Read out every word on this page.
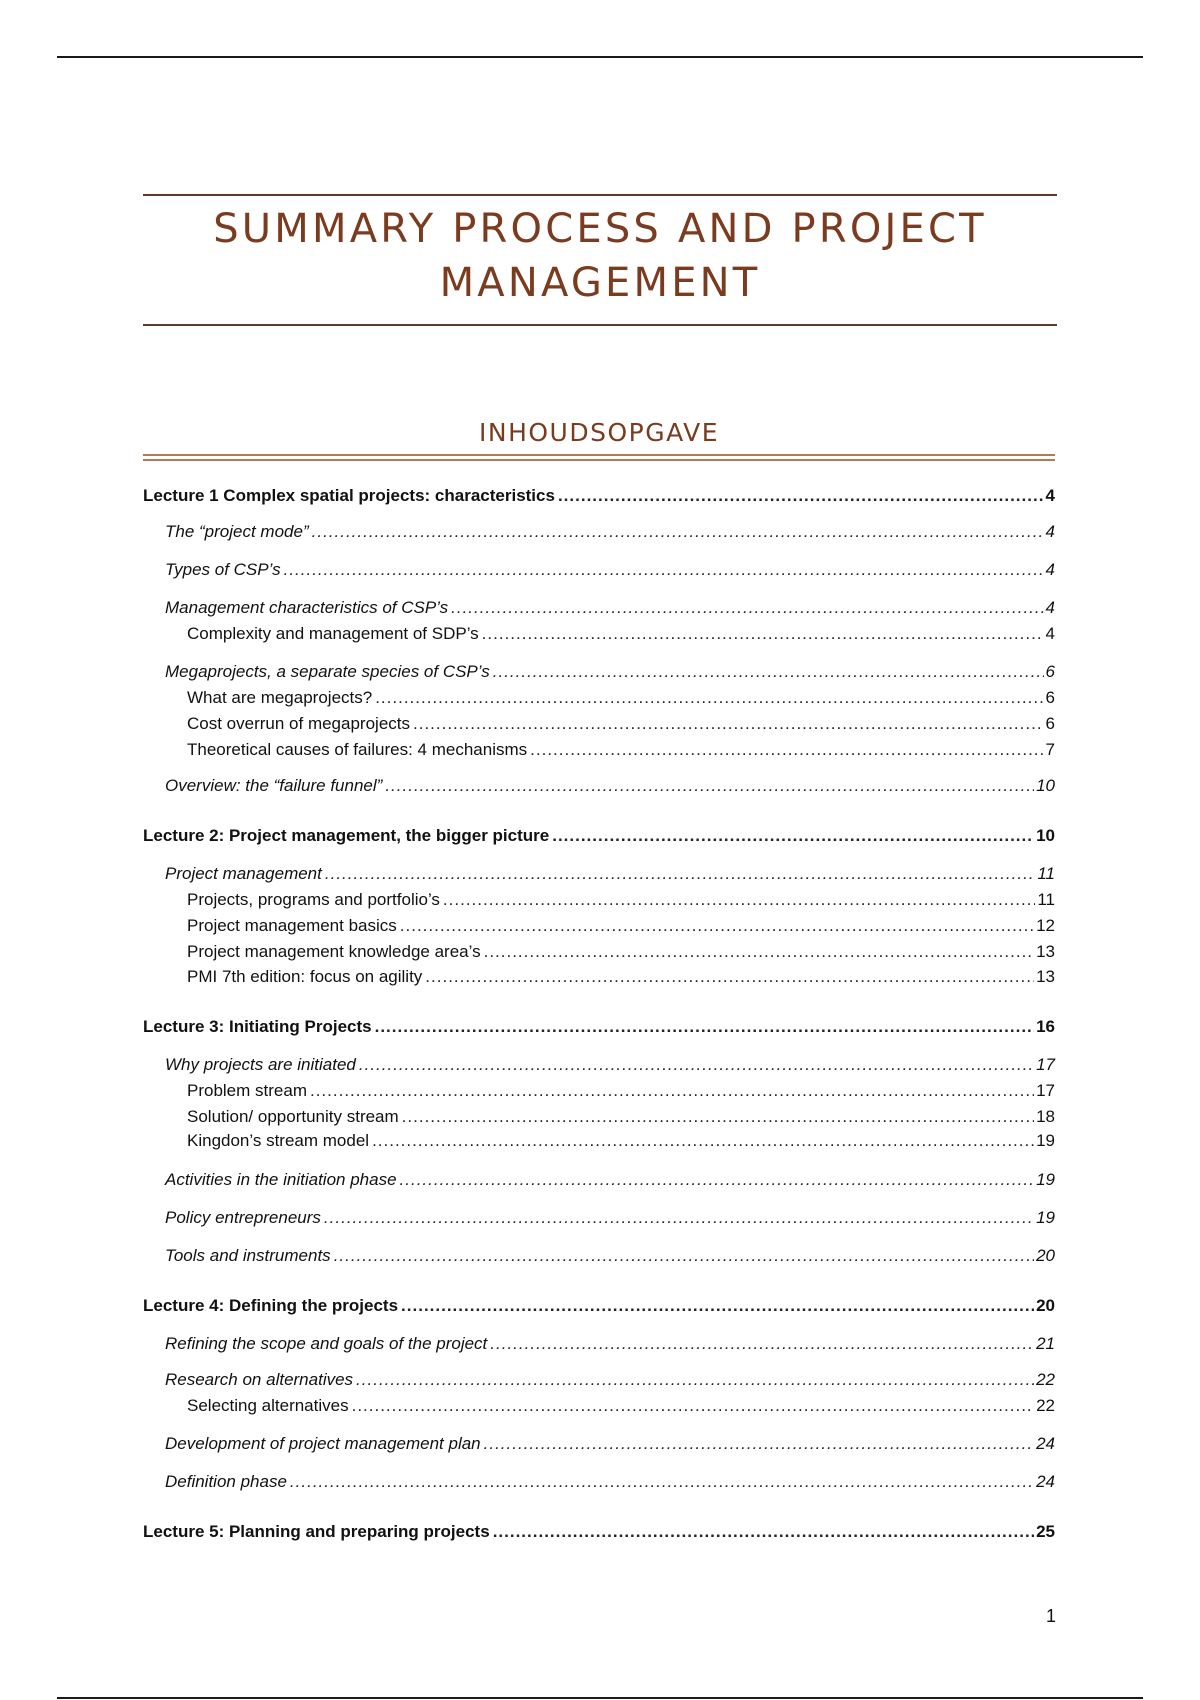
SUMMARY PROCESS AND PROJECT MANAGEMENT
INHOUDSOPGAVE
Lecture 1 Complex spatial projects: characteristics .....	4
The “project mode” .....	4
Types of CSP’s .....	4
Management characteristics of CSP’s .....	4
Complexity and management of SDP’s .....	4
Megaprojects, a separate species of CSP’s .....	6
What are megaprojects? .....	6
Cost overrun of megaprojects .....	6
Theoretical causes of failures: 4 mechanisms .....	7
Overview: the “failure funnel” .....	10
Lecture 2: Project management, the bigger picture .....	10
Project management .....	11
Projects, programs and portfolio’s .....	11
Project management basics .....	12
Project management knowledge area’s .....	13
PMI 7th edition: focus on agility .....	13
Lecture 3: Initiating Projects .....	16
Why projects are initiated .....	17
Problem stream .....	17
Solution/ opportunity stream .....	18
Kingdon’s stream model .....	19
Activities in the initiation phase .....	19
Policy entrepreneurs .....	19
Tools and instruments .....	20
Lecture 4: Defining the projects .....	20
Refining the scope and goals of the project .....	21
Research on alternatives .....	22
Selecting alternatives .....	22
Development of project management plan .....	24
Definition phase .....	24
Lecture 5: Planning and preparing projects .....	25
1
